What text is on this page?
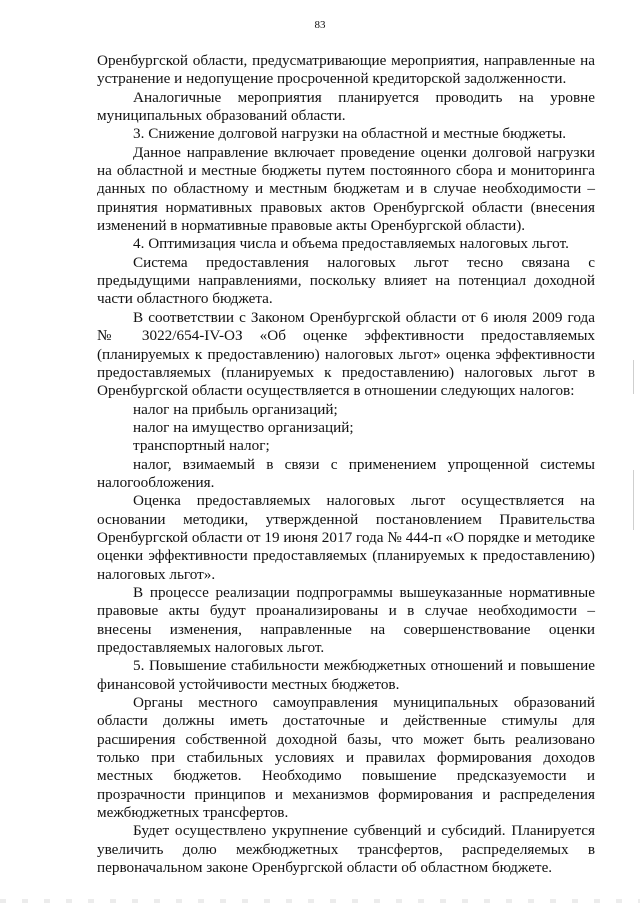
83

Оренбургской области, предусматривающие мероприятия, направленные на устранение и недопущение просроченной кредиторской задолженности.

Аналогичные мероприятия планируется проводить на уровне муниципальных образований области.

3. Снижение долговой нагрузки на областной и местные бюджеты.

Данное направление включает проведение оценки долговой нагрузки на областной и местные бюджеты путем постоянного сбора и мониторинга данных по областному и местным бюджетам и в случае необходимости – принятия нормативных правовых актов Оренбургской области (внесения изменений в нормативные правовые акты Оренбургской области).

4. Оптимизация числа и объема предоставляемых налоговых льгот.

Система предоставления налоговых льгот тесно связана с предыдущими направлениями, поскольку влияет на потенциал доходной части областного бюджета.

В соответствии с Законом Оренбургской области от 6 июля 2009 года № 3022/654-IV-ОЗ «Об оценке эффективности предоставляемых (планируемых к предоставлению) налоговых льгот» оценка эффективности предоставляемых (планируемых к предоставлению) налоговых льгот в Оренбургской области осуществляется в отношении следующих налогов:

налог на прибыль организаций;

налог на имущество организаций;

транспортный налог;

налог, взимаемый в связи с применением упрощенной системы налогообложения.

Оценка предоставляемых налоговых льгот осуществляется на основании методики, утвержденной постановлением Правительства Оренбургской области от 19 июня 2017 года № 444-п «О порядке и методике оценки эффективности предоставляемых (планируемых к предоставлению) налоговых льгот».

В процессе реализации подпрограммы вышеуказанные нормативные правовые акты будут проанализированы и в случае необходимости – внесены изменения, направленные на совершенствование оценки предоставляемых налоговых льгот.

5. Повышение стабильности межбюджетных отношений и повышение финансовой устойчивости местных бюджетов.

Органы местного самоуправления муниципальных образований области должны иметь достаточные и действенные стимулы для расширения собственной доходной базы, что может быть реализовано только при стабильных условиях и правилах формирования доходов местных бюджетов. Необходимо повышение предсказуемости и прозрачности принципов и механизмов формирования и распределения межбюджетных трансфертов.

Будет осуществлено укрупнение субвенций и субсидий. Планируется увеличить долю межбюджетных трансфертов, распределяемых в первоначальном законе Оренбургской области об областном бюджете.
